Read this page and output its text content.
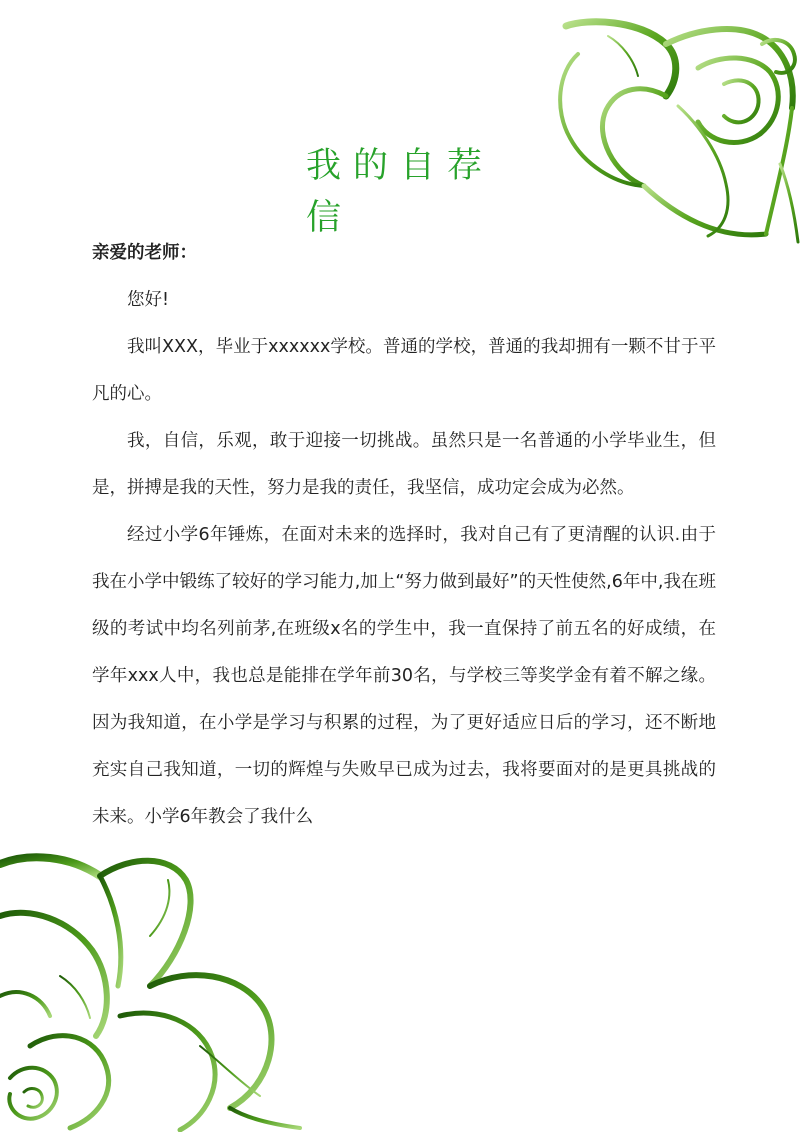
我的自荐信

亲爱的老师：

您好!

我叫XXX，毕业于xxxxxx学校。普通的学校，普通的我却拥有一颗不甘于平凡的心。

我，自信，乐观，敢于迎接一切挑战。虽然只是一名普通的小学毕业生，但是，拼搏是我的天性，努力是我的责任，我坚信，成功定会成为必然。

经过小学6年锤炼，在面对未来的选择时，我对自己有了更清醒的认识.由于我在小学中锻练了较好的学习能力,加上“努力做到最好”的天性使然,6年中,我在班级的考试中均名列前茅,在班级x名的学生中，我一直保持了前五名的好成绩，在学年xxx人中，我也总是能排在学年前30名，与学校三等奖学金有着不解之缘。因为我知道，在小学是学习与积累的过程，为了更好适应日后的学习，还不断地充实自己我知道，一切的辉煌与失败早已成为过去，我将要面对的是更具挑战的未来。小学6年教会了我什么
